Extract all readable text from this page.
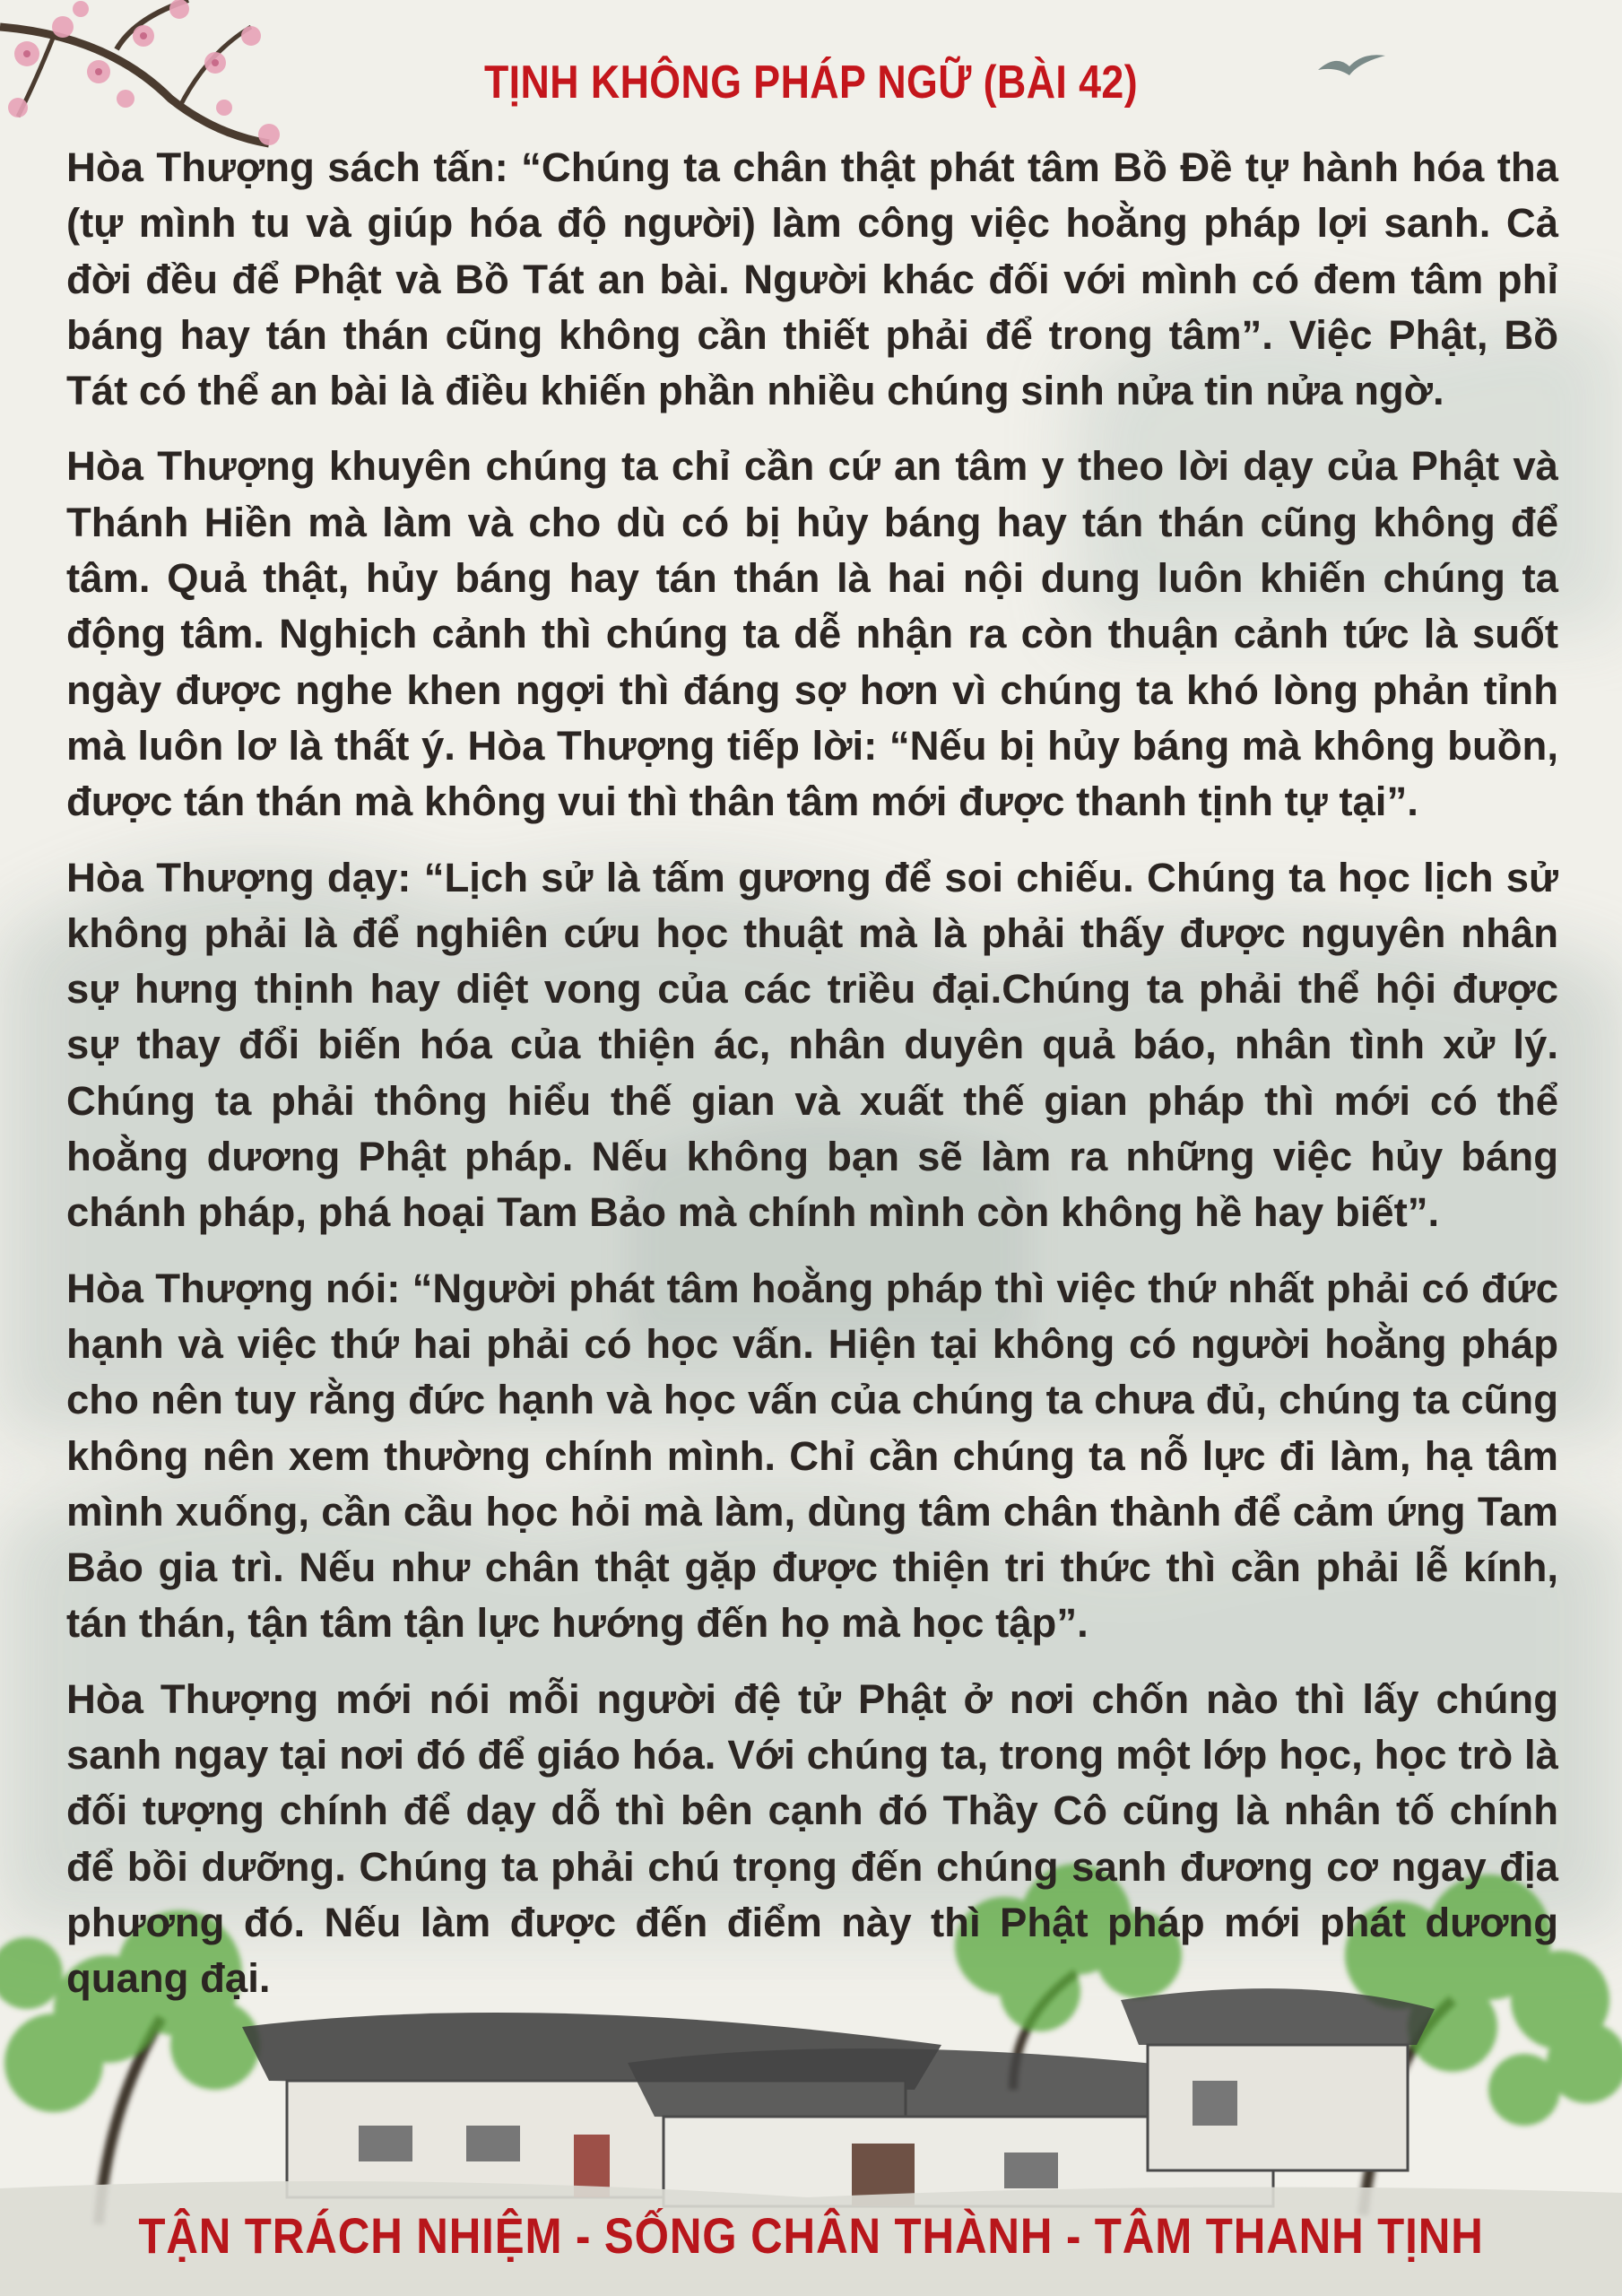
TỊNH KHÔNG PHÁP NGỮ (BÀI 42)

Hòa Thượng sách tấn: “Chúng ta chân thật phát tâm Bồ Đề tự hành hóa tha (tự mình tu và giúp hóa độ người) làm công việc hoằng pháp lợi sanh. Cả đời đều để Phật và Bồ Tát an bài. Người khác đối với mình có đem tâm phỉ báng hay tán thán cũng không cần thiết phải để trong tâm”. Việc Phật, Bồ Tát có thể an bài là điều khiến phần nhiều chúng sinh nửa tin nửa ngờ.

Hòa Thượng khuyên chúng ta chỉ cần cứ an tâm y theo lời dạy của Phật và Thánh Hiền mà làm và cho dù có bị hủy báng hay tán thán cũng không để tâm. Quả thật, hủy báng hay tán thán là hai nội dung luôn khiến chúng ta động tâm. Nghịch cảnh thì chúng ta dễ nhận ra còn thuận cảnh tức là suốt ngày được nghe khen ngợi thì đáng sợ hơn vì chúng ta khó lòng phản tỉnh mà luôn lơ là thất ý. Hòa Thượng tiếp lời: “Nếu bị hủy báng mà không buồn, được tán thán mà không vui thì thân tâm mới được thanh tịnh tự tại”.

Hòa Thượng dạy: “Lịch sử là tấm gương để soi chiếu. Chúng ta học lịch sử không phải là để nghiên cứu học thuật mà là phải thấy được nguyên nhân sự hưng thịnh hay diệt vong của các triều đại.Chúng ta phải thể hội được sự thay đổi biến hóa của thiện ác, nhân duyên quả báo, nhân tình xử lý. Chúng ta phải thông hiểu thế gian và xuất thế gian pháp thì mới có thể hoằng dương Phật pháp. Nếu không bạn sẽ làm ra những việc hủy báng chánh pháp, phá hoại Tam Bảo mà chính mình còn không hề hay biết”.

Hòa Thượng nói: “Người phát tâm hoằng pháp thì việc thứ nhất phải có đức hạnh và việc thứ hai phải có học vấn. Hiện tại không có người hoằng pháp cho nên tuy rằng đức hạnh và học vấn của chúng ta chưa đủ, chúng ta cũng không nên xem thường chính mình. Chỉ cần chúng ta nỗ lực đi làm, hạ tâm mình xuống, cần cầu học hỏi mà làm, dùng tâm chân thành để cảm ứng Tam Bảo gia trì. Nếu như chân thật gặp được thiện tri thức thì cần phải lễ kính, tán thán, tận tâm tận lực hướng đến họ mà học tập”.

Hòa Thượng mới nói mỗi người đệ tử Phật ở nơi chốn nào thì lấy chúng sanh ngay tại nơi đó để giáo hóa. Với chúng ta, trong một lớp học, học trò là đối tượng chính để dạy dỗ thì bên cạnh đó Thầy Cô cũng là nhân tố chính để bồi dưỡng. Chúng ta phải chú trọng đến chúng sanh đương cơ ngay địa phương đó. Nếu làm được đến điểm này thì Phật pháp mới phát dương quang đại.

TẬN TRÁCH NHIỆM - SỐNG CHÂN THÀNH - TÂM THANH TỊNH
